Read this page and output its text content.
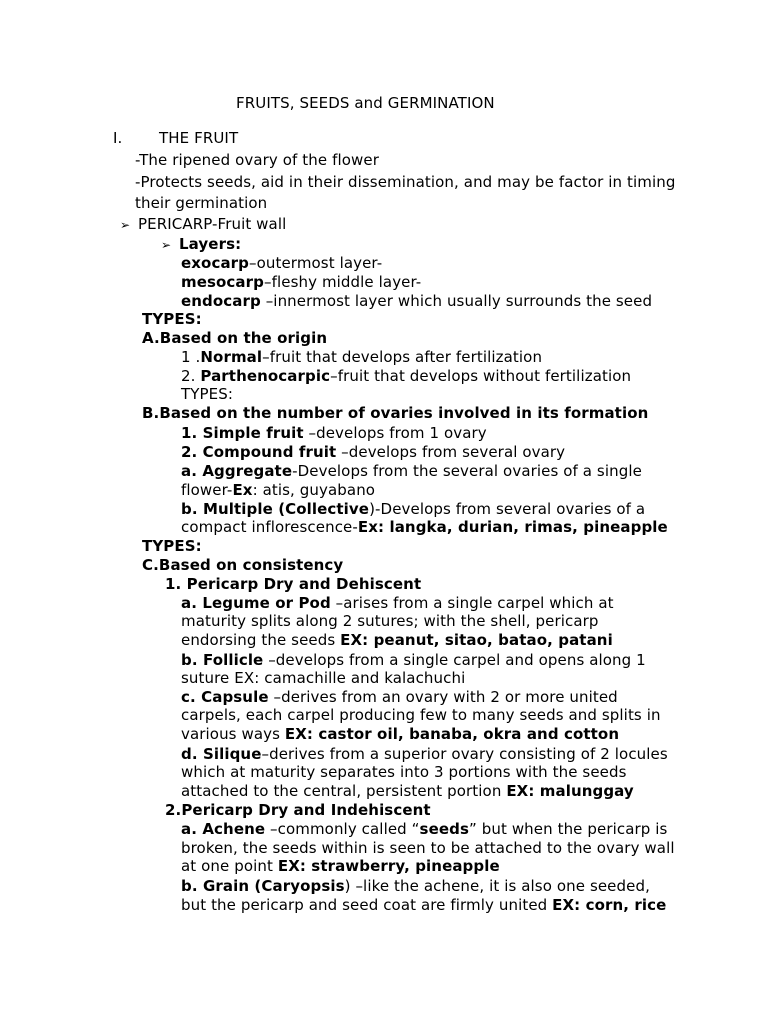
FRUITS, SEEDS and GERMINATION
I. THE FRUIT
-The ripened ovary of the flower
-Protects seeds, aid in their dissemination, and may be factor in timing
their germination
➢ PERICARP-Fruit wall
➢ Layers:
exocarp–outermost layer-
mesocarp–fleshy middle layer-
endocarp –innermost layer which usually surrounds the seed
TYPES:
A.Based on the origin
1 .Normal–fruit that develops after fertilization
2. Parthenocarpic–fruit that develops without fertilization
TYPES:
B.Based on the number of ovaries involved in its formation
1. Simple fruit –develops from 1 ovary
2. Compound fruit –develops from several ovary
a. Aggregate-Develops from the several ovaries of a single
flower-Ex: atis, guyabano
b. Multiple (Collective)-Develops from several ovaries of a
compact inflorescence-Ex: langka, durian, rimas, pineapple
TYPES:
C.Based on consistency
1. Pericarp Dry and Dehiscent
a. Legume or Pod –arises from a single carpel which at
maturity splits along 2 sutures; with the shell, pericarp
endorsing the seeds EX: peanut, sitao, batao, patani
b. Follicle –develops from a single carpel and opens along 1
suture EX: camachille and kalachuchi
c. Capsule –derives from an ovary with 2 or more united
carpels, each carpel producing few to many seeds and splits in
various ways EX: castor oil, banaba, okra and cotton
d. Silique–derives from a superior ovary consisting of 2 locules
which at maturity separates into 3 portions with the seeds
attached to the central, persistent portion EX: malunggay
2.Pericarp Dry and Indehiscent
a. Achene –commonly called “seeds” but when the pericarp is
broken, the seeds within is seen to be attached to the ovary wall
at one point EX: strawberry, pineapple
b. Grain (Caryopsis) –like the achene, it is also one seeded,
but the pericarp and seed coat are firmly united EX: corn, rice
